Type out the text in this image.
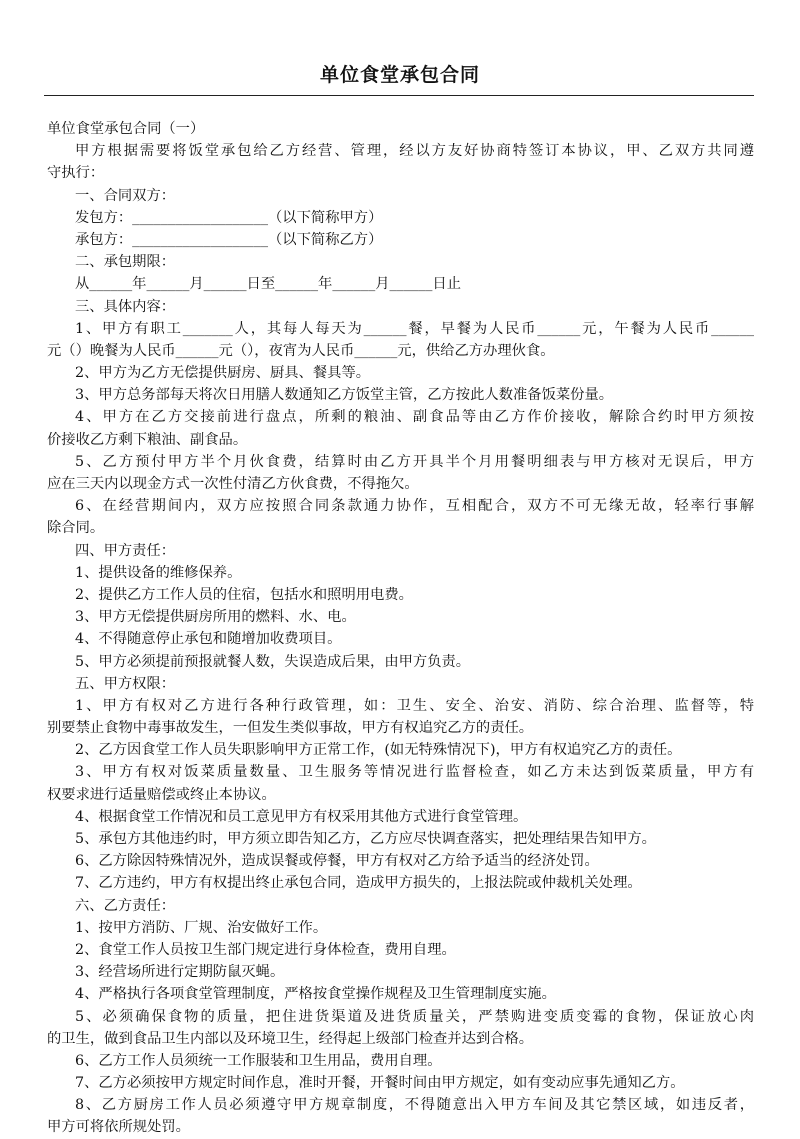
单位食堂承包合同
单位食堂承包合同（一）
甲方根据需要将饭堂承包给乙方经营、管理，经以方友好协商特签订本协议，甲、乙双方共同遵
守执行：
一、合同双方：
发包方：___________________（以下简称甲方）
承包方：___________________（以下简称乙方）
二、承包期限：
从______年______月______日至______年______月______日止
三、具体内容：
1、甲方有职工_______人，其每人每天为______餐，早餐为人民币______元，午餐为人民币______
元（）晚餐为人民币______元（），夜宵为人民币______元，供给乙方办理伙食。
2、甲方为乙方无偿提供厨房、厨具、餐具等。
3、甲方总务部每天将次日用膳人数通知乙方饭堂主管，乙方按此人数准备饭菜份量。
4、甲方在乙方交接前进行盘点，所剩的粮油、副食品等由乙方作价接收，解除合约时甲方须按
价接收乙方剩下粮油、副食品。
5、乙方预付甲方半个月伙食费，结算时由乙方开具半个月用餐明细表与甲方核对无误后，甲方
应在三天内以现金方式一次性付清乙方伙食费，不得拖欠。
6、在经营期间内，双方应按照合同条款通力协作，互相配合，双方不可无缘无故，轻率行事解
除合同。
四、甲方责任：
1、提供设备的维修保养。
2、提供乙方工作人员的住宿，包括水和照明用电费。
3、甲方无偿提供厨房所用的燃料、水、电。
4、不得随意停止承包和随增加收费项目。
5、甲方必须提前预报就餐人数，失误造成后果，由甲方负责。
五、甲方权限：
1、甲方有权对乙方进行各种行政管理，如：卫生、安全、治安、消防、综合治理、监督等，特
别要禁止食物中毒事故发生，一但发生类似事故，甲方有权追究乙方的责任。
2、乙方因食堂工作人员失职影响甲方正常工作，(如无特殊情况下)，甲方有权追究乙方的责任。
3、甲方有权对饭菜质量数量、卫生服务等情况进行监督检查，如乙方未达到饭菜质量，甲方有
权要求进行适量赔偿或终止本协议。
4、根据食堂工作情况和员工意见甲方有权采用其他方式进行食堂管理。
5、承包方其他违约时，甲方须立即告知乙方，乙方应尽快调查落实，把处理结果告知甲方。
6、乙方除因特殊情况外，造成误餐或停餐，甲方有权对乙方给予适当的经济处罚。
7、乙方违约，甲方有权提出终止承包合同，造成甲方损失的，上报法院或仲裁机关处理。
六、乙方责任：
1、按甲方消防、厂规、治安做好工作。
2、食堂工作人员按卫生部门规定进行身体检查，费用自理。
3、经营场所进行定期防鼠灭蝇。
4、严格执行各项食堂管理制度，严格按食堂操作规程及卫生管理制度实施。
5、必须确保食物的质量，把住进货渠道及进货质量关，严禁购进变质变霉的食物，保证放心肉
的卫生，做到食品卫生内部以及环境卫生，经得起上级部门检查并达到合格。
6、乙方工作人员须统一工作服装和卫生用品，费用自理。
7、乙方必须按甲方规定时间作息，准时开餐，开餐时间由甲方规定，如有变动应事先通知乙方。
8、乙方厨房工作人员必须遵守甲方规章制度，不得随意出入甲方车间及其它禁区域，如违反者，
甲方可将依所规处罚。
